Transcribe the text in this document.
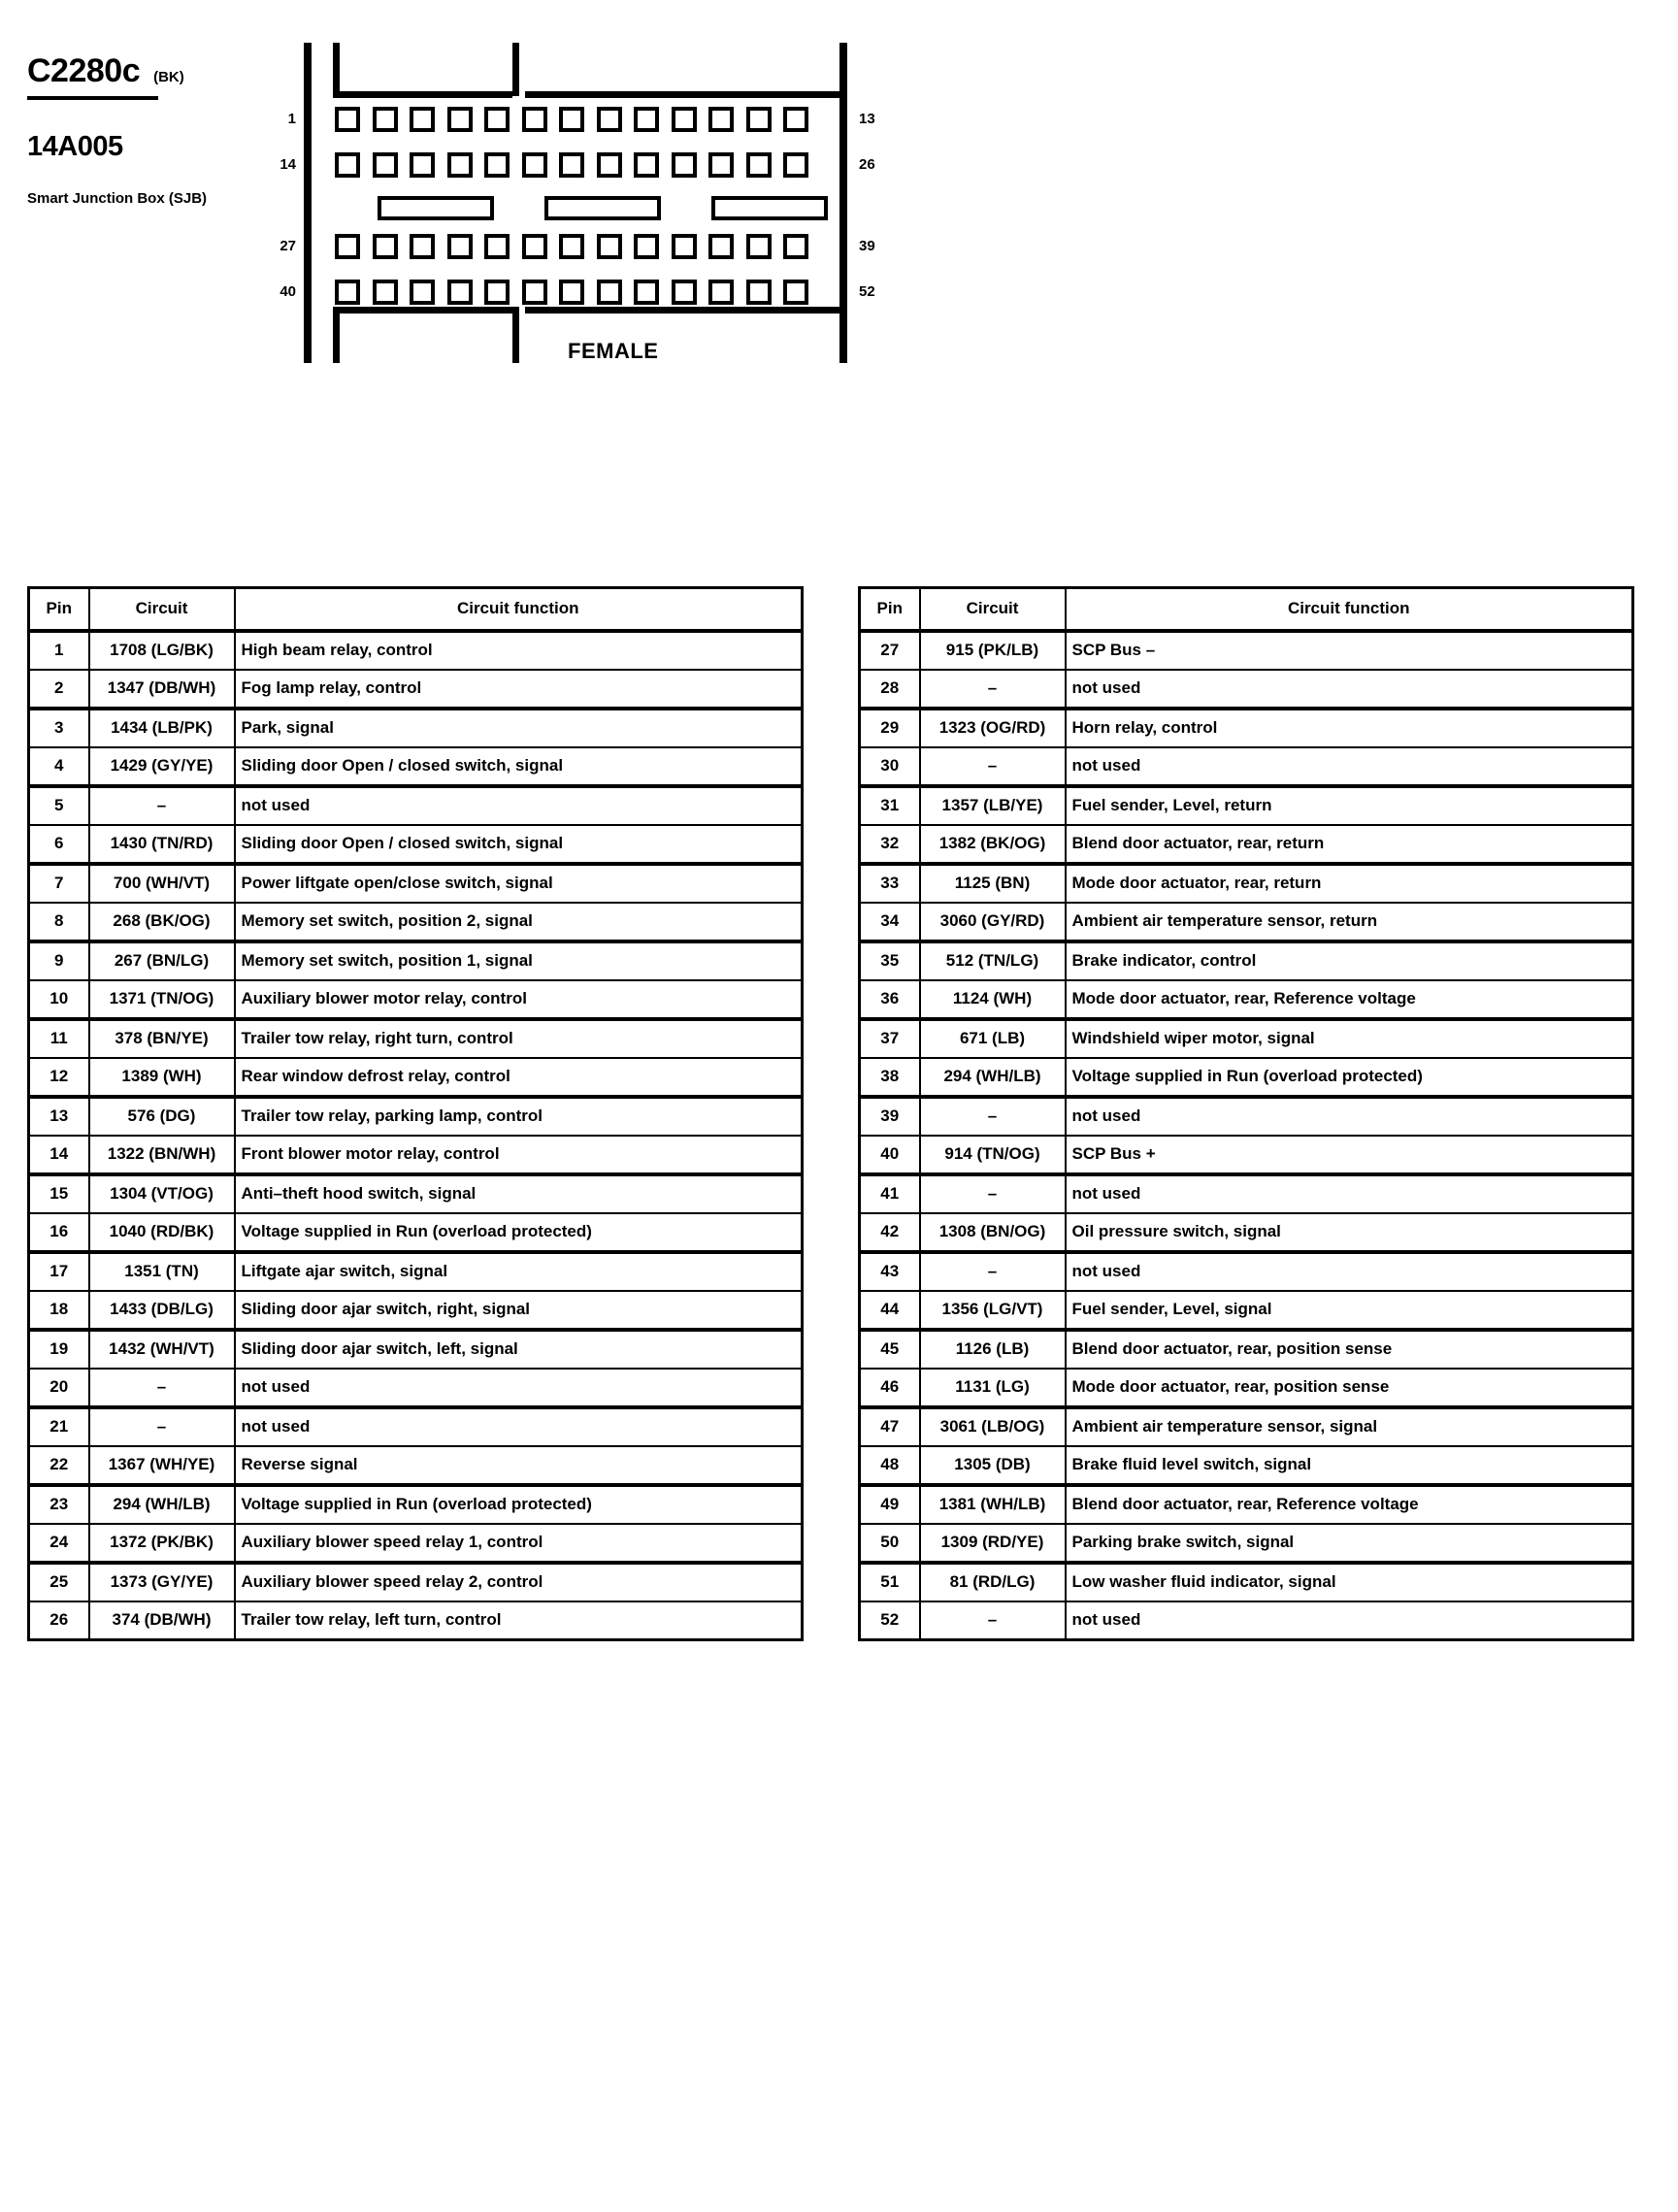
C2280c (BK)
14A005
Smart Junction Box (SJB)
1
14
27
40
13
26
39
52
FEMALE
Pin	Circuit	Circuit function
1	1708 (LG/BK)	High beam relay, control
2	1347 (DB/WH)	Fog lamp relay, control
3	1434 (LB/PK)	Park, signal
4	1429 (GY/YE)	Sliding door Open / closed switch, signal
5	–	not used
6	1430 (TN/RD)	Sliding door Open / closed switch, signal
7	700 (WH/VT)	Power liftgate open/close switch, signal
8	268 (BK/OG)	Memory set switch, position 2, signal
9	267 (BN/LG)	Memory set switch, position 1, signal
10	1371 (TN/OG)	Auxiliary blower motor relay, control
11	378 (BN/YE)	Trailer tow relay, right turn, control
12	1389 (WH)	Rear window defrost relay, control
13	576 (DG)	Trailer tow relay, parking lamp, control
14	1322 (BN/WH)	Front blower motor relay, control
15	1304 (VT/OG)	Anti–theft hood switch, signal
16	1040 (RD/BK)	Voltage supplied in Run (overload protected)
17	1351 (TN)	Liftgate ajar switch, signal
18	1433 (DB/LG)	Sliding door ajar switch, right, signal
19	1432 (WH/VT)	Sliding door ajar switch, left, signal
20	–	not used
21	–	not used
22	1367 (WH/YE)	Reverse signal
23	294 (WH/LB)	Voltage supplied in Run (overload protected)
24	1372 (PK/BK)	Auxiliary blower speed relay 1, control
25	1373 (GY/YE)	Auxiliary blower speed relay 2, control
26	374 (DB/WH)	Trailer tow relay, left turn, control
Pin	Circuit	Circuit function
27	915 (PK/LB)	SCP Bus –
28	–	not used
29	1323 (OG/RD)	Horn relay, control
30	–	not used
31	1357 (LB/YE)	Fuel sender, Level, return
32	1382 (BK/OG)	Blend door actuator, rear, return
33	1125 (BN)	Mode door actuator, rear, return
34	3060 (GY/RD)	Ambient air temperature sensor, return
35	512 (TN/LG)	Brake indicator, control
36	1124 (WH)	Mode door actuator, rear, Reference voltage
37	671 (LB)	Windshield wiper motor, signal
38	294 (WH/LB)	Voltage supplied in Run (overload protected)
39	–	not used
40	914 (TN/OG)	SCP Bus +
41	–	not used
42	1308 (BN/OG)	Oil pressure switch, signal
43	–	not used
44	1356 (LG/VT)	Fuel sender, Level, signal
45	1126 (LB)	Blend door actuator, rear, position sense
46	1131 (LG)	Mode door actuator, rear, position sense
47	3061 (LB/OG)	Ambient air temperature sensor, signal
48	1305 (DB)	Brake fluid level switch, signal
49	1381 (WH/LB)	Blend door actuator, rear, Reference voltage
50	1309 (RD/YE)	Parking brake switch, signal
51	81 (RD/LG)	Low washer fluid indicator, signal
52	–	not used
